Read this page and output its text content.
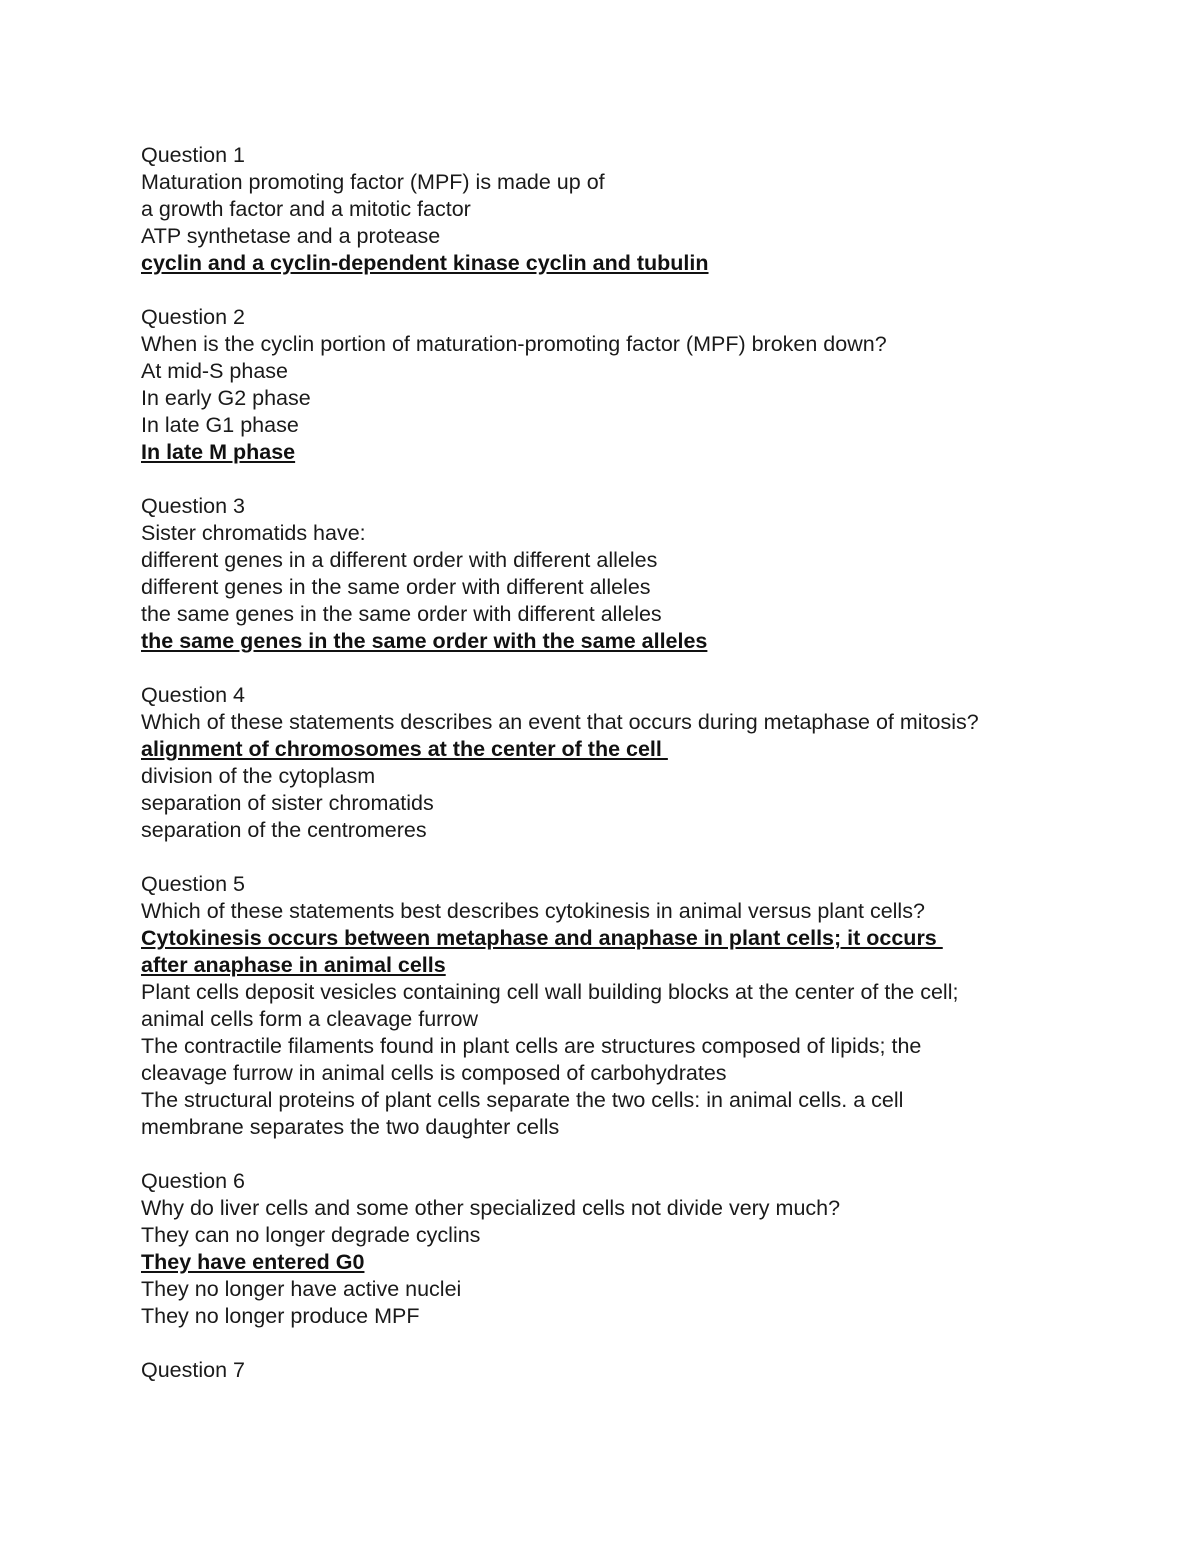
Question 1
Maturation promoting factor (MPF) is made up of
a growth factor and a mitotic factor
ATP synthetase and a protease
cyclin and a cyclin-dependent kinase cyclin and tubulin
Question 2
When is the cyclin portion of maturation-promoting factor (MPF) broken down?
At mid-S phase
In early G2 phase
In late G1 phase
In late M phase
Question 3
Sister chromatids have:
different genes in a different order with different alleles
different genes in the same order with different alleles
the same genes in the same order with different alleles
the same genes in the same order with the same alleles
Question 4
Which of these statements describes an event that occurs during metaphase of mitosis?
alignment of chromosomes at the center of the cell
division of the cytoplasm
separation of sister chromatids
separation of the centromeres
Question 5
Which of these statements best describes cytokinesis in animal versus plant cells?
Cytokinesis occurs between metaphase and anaphase in plant cells; it occurs
after anaphase in animal cells
Plant cells deposit vesicles containing cell wall building blocks at the center of the cell;
animal cells form a cleavage furrow
The contractile filaments found in plant cells are structures composed of lipids; the
cleavage furrow in animal cells is composed of carbohydrates
The structural proteins of plant cells separate the two cells: in animal cells. a cell
membrane separates the two daughter cells
Question 6
Why do liver cells and some other specialized cells not divide very much?
They can no longer degrade cyclins
They have entered G0
They no longer have active nuclei
They no longer produce MPF
Question 7
